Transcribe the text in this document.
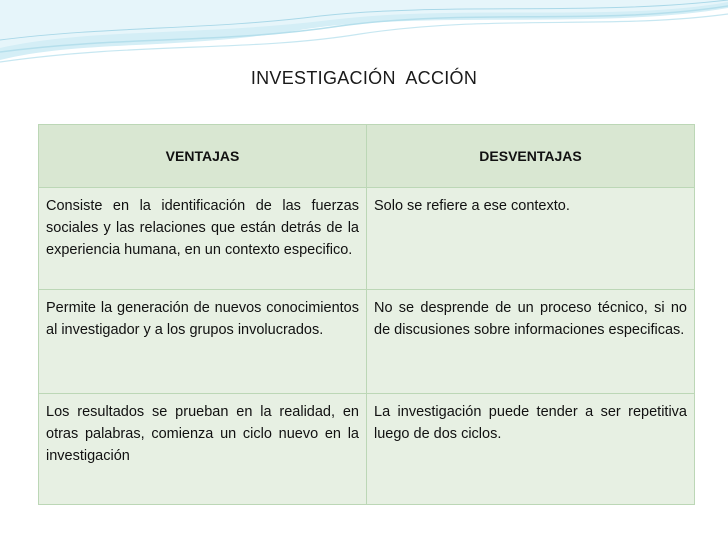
INVESTIGACIÓN  ACCIÓN
VENTAJAS	DESVENTAJAS
Consiste en la identificación de las fuerzas sociales y las relaciones que están detrás de la experiencia humana, en un contexto especifico.	Solo se refiere a ese contexto.
Permite la generación de nuevos conocimientos al investigador y a los grupos involucrados.	No se desprende de un proceso técnico, si no de discusiones sobre informaciones especificas.
Los resultados se prueban en la realidad, en otras palabras, comienza un ciclo nuevo en la investigación	La investigación puede tender a ser repetitiva luego de dos ciclos.
